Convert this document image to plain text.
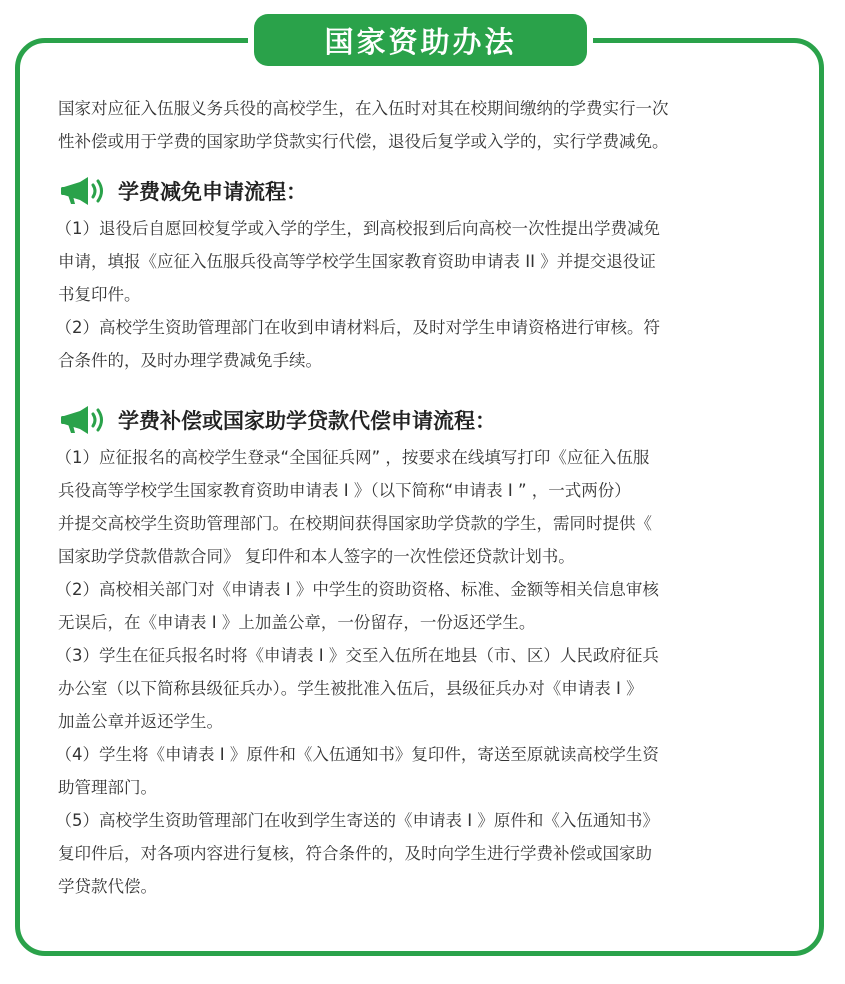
国家资助办法

国家对应征入伍服义务兵役的高校学生，在入伍时对其在校期间缴纳的学费实行一次
性补偿或用于学费的国家助学贷款实行代偿，退役后复学或入学的，实行学费减免。

学费减免申请流程：

（1）退役后自愿回校复学或入学的学生，到高校报到后向高校一次性提出学费减免
申请，填报《应征入伍服兵役高等学校学生国家教育资助申请表 II 》并提交退役证
书复印件。

（2）高校学生资助管理部门在收到申请材料后，及时对学生申请资格进行审核。符
合条件的，及时办理学费减免手续。

学费补偿或国家助学贷款代偿申请流程：

（1）应征报名的高校学生登录“全国征兵网” ，按要求在线填写打印《应征入伍服
兵役高等学校学生国家教育资助申请表 I 》（以下简称“申请表 I ” ，一式两份）
并提交高校学生资助管理部门。在校期间获得国家助学贷款的学生，需同时提供《
国家助学贷款借款合同》 复印件和本人签字的一次性偿还贷款计划书。

（2）高校相关部门对《申请表 I 》中学生的资助资格、标准、金额等相关信息审核
无误后，在《申请表 I 》上加盖公章，一份留存，一份返还学生。

（3）学生在征兵报名时将《申请表 I 》交至入伍所在地县（市、区）人民政府征兵
办公室（以下简称县级征兵办）。学生被批准入伍后，县级征兵办对《申请表 I 》
加盖公章并返还学生。

（4）学生将《申请表 I 》原件和《入伍通知书》复印件，寄送至原就读高校学生资
助管理部门。

（5）高校学生资助管理部门在收到学生寄送的《申请表 I 》原件和《入伍通知书》
复印件后，对各项内容进行复核，符合条件的，及时向学生进行学费补偿或国家助
学贷款代偿。
